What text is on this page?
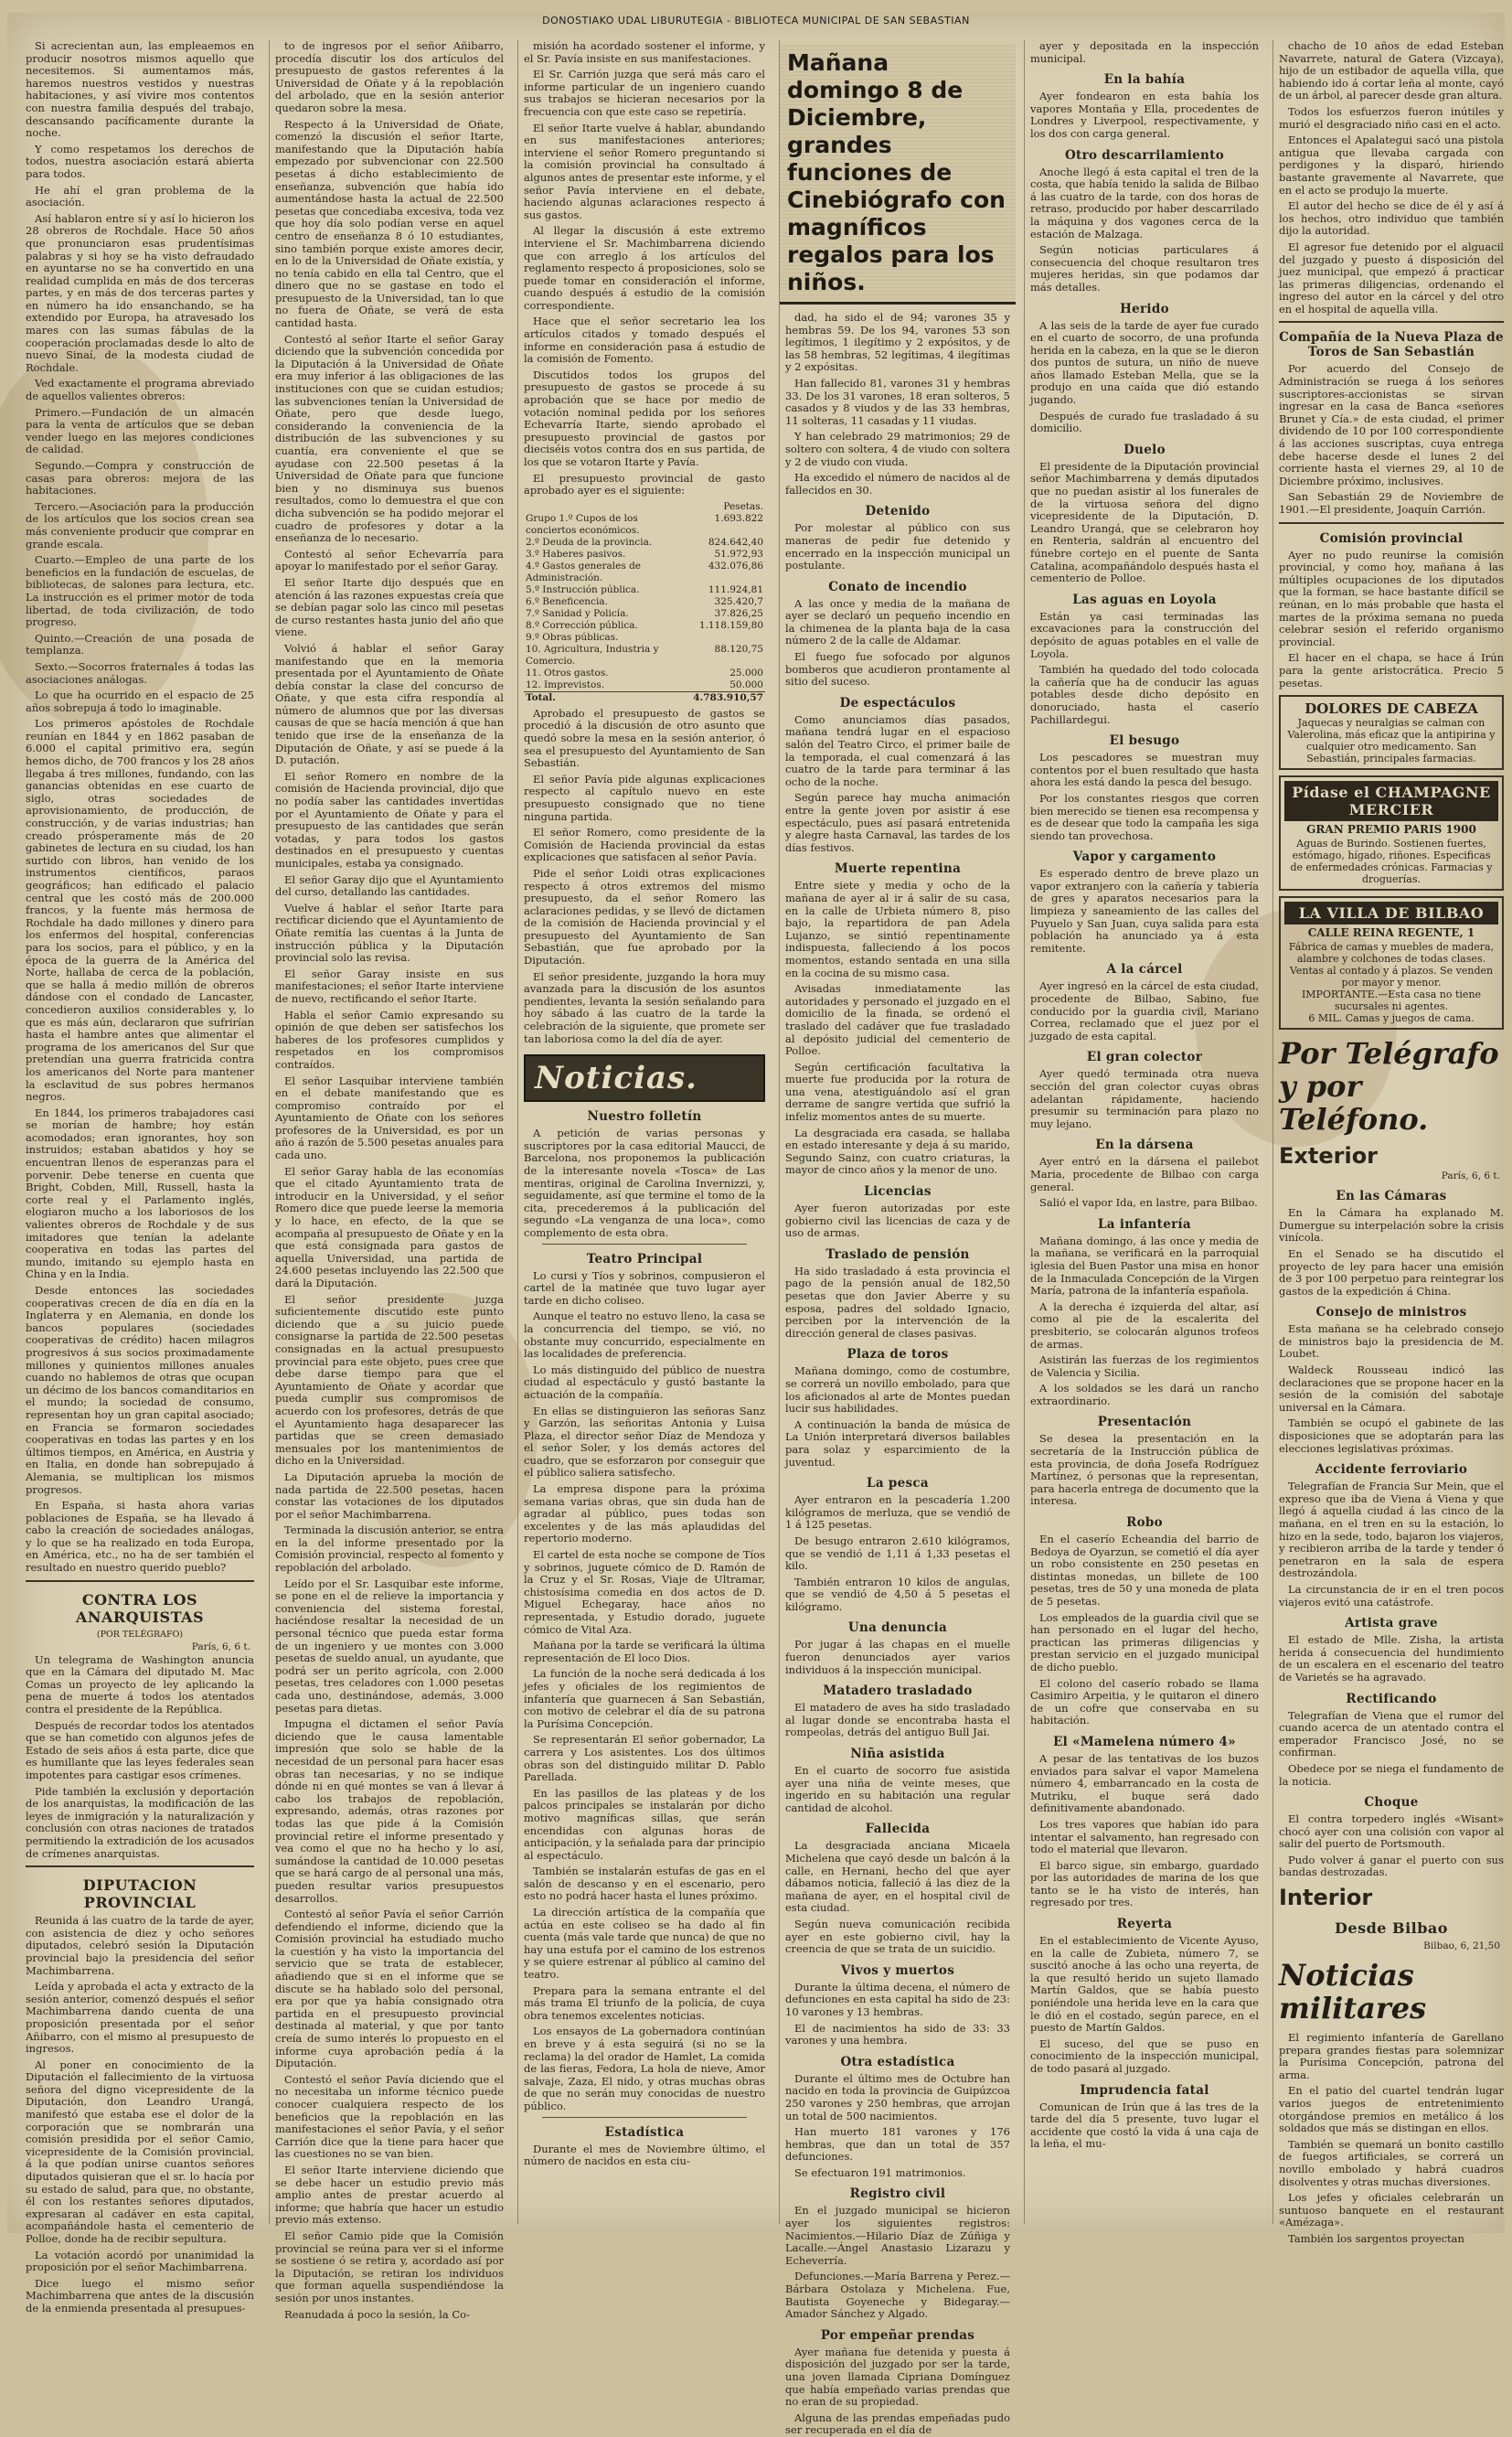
DONOSTIAKO UDAL LIBURUTEGIA - BIBLIOTECA MUNICIPAL DE SAN SEBASTIAN

Si acrecientan aun, las empleaemos en producir nosotros mismos aquello que necesitemos. Si aumentamos más, haremos nuestros vestidos y nuestras habitaciones, y así vivire mos contentos con nuestra familia después del trabajo, descansando pacíficamente durante la noche.

Y como respetamos los derechos de todos, nuestra asociación estará abierta para todos.

He ahí el gran problema de la asociación.

Así hablaron entre sí y así lo hicieron los 28 obreros de Rochdale. Hace 50 años que pronunciaron esas prudentísimas palabras y si hoy se ha visto defraudado en ayuntarse no se ha convertido en una realidad cumplida en más de dos terceras partes, y en más de dos terceras partes y en número ha ido ensanchando, se ha extendido por Europa, ha atravesado los mares con las sumas fábulas de la cooperación proclamadas desde lo alto de nuevo Sinaí, de la modesta ciudad de Rochdale.

Ved exactamente el programa abreviado de aquellos valientes obreros:

Primero.—Fundación de un almacén para la venta de artículos que se deban vender luego en las mejores condiciones de calidad.

Segundo.—Compra y construcción de casas para obreros: mejora de las habitaciones.

Tercero.—Asociación para la producción de los artículos que los socios crean sea más conveniente producir que comprar en grande escala.

Cuarto.—Empleo de una parte de los beneficios en la fundación de escuelas, de bibliotecas, de salones para lectura, etc. La instrucción es el primer motor de toda libertad, de toda civilización, de todo progreso.

Quinto.—Creación de una posada de templanza.

Sexto.—Socorros fraternales á todas las asociaciones análogas.

Lo que ha ocurrido en el espacio de 25 años sobrepuja á todo lo imaginable.

Los primeros apóstoles de Rochdale reunían en 1844 y en 1862 pasaban de 6.000 el capital primitivo era, según hemos dicho, de 700 francos y los 28 años llegaba á tres millones, fundando, con las ganancias obtenidas en ese cuarto de siglo, otras sociedades de aprovisionamiento, de producción, de construcción, y de varias industrias; han creado prósperamente más de 20 gabinetes de lectura en su ciudad, los han surtido con libros, han venido de los instrumentos científicos, paraos geográficos; han edificado el palacio central que les costó más de 200.000 francos, y la fuente más hermosa de Rochdale ha dado millones y dinero para los enfermos del hospital, conferencias para los socios, para el público, y en la época de la guerra de la América del Norte, hallaba de cerca de la población, que se halla á medio millón de obreros dándose con el condado de Lancaster, concedieron auxilios considerables y, lo que es más aún, declararon que sufrirían hasta el hambre antes que alimentar el programa de los americanos del Sur que pretendían una guerra fratricida contra los americanos del Norte para mantener la esclavitud de sus pobres hermanos negros.

En 1844, los primeros trabajadores casi se morían de hambre; hoy están acomodados; eran ignorantes, hoy son instruidos; estaban abatidos y hoy se encuentran llenos de esperanzas para el porvenir. Debe tenerse en cuenta que Bright, Cobden, Mill, Russell, hasta la corte real y el Parlamento inglés, elogiaron mucho a los laboriosos de los valientes obreros de Rochdale y de sus imitadores que tenían la adelante cooperativa en todas las partes del mundo, imitando su ejemplo hasta en China y en la India.

Desde entonces las sociedades cooperativas crecen de día en día en la Inglaterra y en Alemania, en donde los bancos populares (sociedades cooperativas de crédito) hacen milagros progresivos á sus socios proximadamente millones y quinientos millones anuales cuando no hablemos de otras que ocupan un décimo de los bancos comanditarios en el mundo; la sociedad de consumo, representan hoy un gran capital asociado; en Francia se formaron sociedades cooperativas en todas las partes y en los últimos tiempos, en América, en Austria y en Italia, en donde han sobrepujado á Alemania, se multiplican los mismos progresos.

En España, si hasta ahora varias poblaciones de España, se ha llevado á cabo la creación de sociedades análogas, y lo que se ha realizado en toda Europa, en América, etc., no ha de ser también el resultado en nuestro querido pueblo?

CONTRA LOS ANARQUISTAS
(POR TELÉGRAFO)
París, 6, 6 t.

Un telegrama de Washington anuncia que en la Cámara del diputado M. Mac Comas un proyecto de ley aplicando la pena de muerte á todos los atentados contra el presidente de la República.

Después de recordar todos los atentados que se han cometido con algunos jefes de Estado de seis años á esta parte, dice que es humillante que las leyes federales sean impotentes para castigar esos crímenes.

Pide también la exclusión y deportación de los anarquistas, la modificación de las leyes de inmigración y la naturalización y conclusión con otras naciones de tratados permitiendo la extradición de los acusados de crímenes anarquistas.

DIPUTACION PROVINCIAL

Reunida á las cuatro de la tarde de ayer, con asistencia de diez y ocho señores diputados, celebró sesión la Diputación provincial bajo la presidencia del señor Machimbarrena.

Leída y aprobada el acta y extracto de la sesión anterior, comenzó después el señor Machimbarrena dando cuenta de una proposición presentada por el señor Añibarro, con el mismo al presupuesto de ingresos.

Al poner en conocimiento de la Diputación el fallecimiento de la virtuosa señora del digno vicepresidente de la Diputación, don Leandro Urangá, manifestó que estaba ese el dolor de la corporación que se nombrarán una comisión presidida por el señor Camio, vicepresidente de la Comisión provincial, á la que podían unirse cuantos señores diputados quisieran que el sr. lo hacía por su estado de salud, para que, no obstante, él con los restantes señores diputados, expresaran al cadáver en esta capital, acompañándole hasta el cementerio de Polloe, donde ha de recibir sepultura.

La votación acordó por unanimidad la proposición por el señor Machimbarrena.

Dice luego el mismo señor Machimbarrena que antes de la discusión de la enmienda presentada al presupues-

to de ingresos por el señor Añibarro, procedía discutir los dos artículos del presupuesto de gastos referentes á la Universidad de Oñate y á la repoblación del arbolado, que en la sesión anterior quedaron sobre la mesa.

Respecto á la Universidad de Oñate, comenzó la discusión el señor Itarte, manifestando que la Diputación había empezado por subvencionar con 22.500 pesetas á dicho establecimiento de enseñanza, subvención que había ido aumentándose hasta la actual de 22.500 pesetas que concediaba excesiva, toda vez que hoy día solo podían verse en aquel centro de enseñanza 8 ó 10 estudiantes, sino también porque existe amores decir, en lo de la Universidad de Oñate existía, y no tenía cabido en ella tal Centro, que el dinero que no se gastase en todo el presupuesto de la Universidad, tan lo que no fuera de Oñate, se verá de esta cantidad hasta.

Contestó al señor Itarte el señor Garay diciendo que la subvención concedida por la Diputación á la Universidad de Oñate era muy inferior á las obligaciones de las instituciones con que se cuidan estudios; las subvenciones tenían la Universidad de Oñate, pero que desde luego, considerando la conveniencia de la distribución de las subvenciones y su cuantía, era conveniente el que se ayudase con 22.500 pesetas á la Universidad de Oñate para que funcione bien y no disminuya sus buenos resultados, como lo demuestra el que con dicha subvención se ha podido mejorar el cuadro de profesores y dotar a la enseñanza de lo necesario.

Contestó al señor Echevarría para apoyar lo manifestado por el señor Garay.

El señor Itarte dijo después que en atención á las razones expuestas creía que se debían pagar solo las cinco mil pesetas de curso restantes hasta junio del año que viene.

Volvió á hablar el señor Garay manifestando que en la memoria presentada por el Ayuntamiento de Oñate debía constar la clase del concurso de Oñate, y que esta cifra respondía al número de alumnos que por las diversas causas de que se hacía mención á que han tenido que irse de la enseñanza de la Diputación de Oñate, y así se puede á la D. putación.

El señor Romero en nombre de la comisión de Hacienda provincial, dijo que no podía saber las cantidades invertidas por el Ayuntamiento de Oñate y para el presupuesto de las cantidades que serán votadas, y para todos los gastos destinados en el presupuesto y cuentas municipales, estaba ya consignado.

El señor Garay dijo que el Ayuntamiento del curso, detallando las cantidades.

Vuelve á hablar el señor Itarte para rectificar diciendo que el Ayuntamiento de Oñate remitía las cuentas á la Junta de instrucción pública y la Diputación provincial solo las revisa.

El señor Garay insiste en sus manifestaciones; el señor Itarte interviene de nuevo, rectificando el señor Itarte.

Habla el señor Camio expresando su opinión de que deben ser satisfechos los haberes de los profesores cumplidos y respetados en los compromisos contraídos.

El señor Lasquibar interviene también en el debate manifestando que es compromiso contraído por el Ayuntamiento de Oñate con los señores profesores de la Universidad, es por un año á razón de 5.500 pesetas anuales para cada uno.

El señor Garay habla de las economías que el citado Ayuntamiento trata de introducir en la Universidad, y el señor Romero dice que puede leerse la memoria y lo hace, en efecto, de la que se acompaña al presupuesto de Oñate y en la que está consignada para gastos de aquella Universidad, una partida de 24.600 pesetas incluyendo las 22.500 que dará la Diputación.

El señor presidente juzga suficientemente discutido este punto diciendo que a su juicio puede consignarse la partida de 22.500 pesetas consignadas en la actual presupuesto provincial para este objeto, pues cree que debe darse tiempo para que el Ayuntamiento de Oñate y acordar que pueda cumplir sus compromisos de acuerdo con los profesores, detrás de que el Ayuntamiento haga desaparecer las partidas que se creen demasiado mensuales por los mantenimientos de dicho en la Universidad.

La Diputación aprueba la moción de nada partida de 22.500 pesetas, hacen constar las votaciones de los diputados por el señor Machimbarrena.

Terminada la discusión anterior, se entra en la del informe presentado por la Comisión provincial, respecto al fomento y repoblación del arbolado.

Leído por el Sr. Lasquibar este informe, se pone en el de relieve la importancia y conveniencia del sistema forestal, haciéndose resaltar la necesidad de un personal técnico que pueda estar forma de un ingeniero y ue montes con 3.000 pesetas de sueldo anual, un ayudante, que podrá ser un perito agrícola, con 2.000 pesetas, tres celadores con 1.000 pesetas cada uno, destinándose, además, 3.000 pesetas para dietas.

Impugna el dictamen el señor Pavía diciendo que le causa lamentable impresión que solo se hable de la necesidad de un personal para hacer esas obras tan necesarias, y no se indique dónde ni en qué montes se van á llevar á cabo los trabajos de repoblación, expresando, además, otras razones por todas las que pide á la Comisión provincial retire el informe presentado y vea como el que no ha hecho y lo así, sumándose la cantidad de 10.000 pesetas que se hará cargo de al personal una más, pueden resultar varios presupuestos desarrollos.

Contestó al señor Pavía el señor Carrión defendiendo el informe, diciendo que la Comisión provincial ha estudiado mucho la cuestión y ha visto la importancia del servicio que se trata de establecer, añadiendo que si en el informe que se discute se ha hablado solo del personal, era por que ya había consignado otra partida en el presupuesto provincial destinada al material, y que por tanto creía de sumo interés lo propuesto en el informe cuya aprobación pedía á la Diputación.

Contestó el señor Pavía diciendo que el no necesitaba un informe técnico puede conocer cualquiera respecto de los beneficios que la repoblación en las manifestaciones el señor Pavía, y el señor Carrión dice que la tiene para hacer que las cuestiones no se van bien.

El señor Itarte interviene diciendo que se debe hacer un estudio previo más amplio antes de prestar acuerdo al informe; que habría que hacer un estudio previo más extenso.

El señor Camio pide que la Comisión provincial se reúna para ver si el informe se sostiene ó se retira y, acordado así por la Diputación, se retiran los individuos que forman aquella suspendiéndose la sesión por unos instantes.

Reanudada á poco la sesión, la Co-

misión ha acordado sostener el informe, y el Sr. Pavía insiste en sus manifestaciones.

El Sr. Carrión juzga que será más caro el informe particular de un ingeniero cuando sus trabajos se hicieran necesarios por la frecuencia con que este caso se repetiría.

El señor Itarte vuelve á hablar, abundando en sus manifestaciones anteriores; interviene el señor Romero preguntando si la comisión provincial ha consultado á algunos antes de presentar este informe, y el señor Pavía interviene en el debate, haciendo algunas aclaraciones respecto á sus gastos.

Al llegar la discusión á este extremo interviene el Sr. Machimbarrena diciendo que con arreglo á los artículos del reglamento respecto á proposiciones, solo se puede tomar en consideración el informe, cuando después á estudio de la comisión correspondiente.

Hace que el señor secretario lea los artículos citados y tomado después el informe en consideración pasa á estudio de la comisión de Fomento.

Discutidos todos los grupos del presupuesto de gastos se procede á su aprobación que se hace por medio de votación nominal pedida por los señores Echevarría Itarte, siendo aprobado el presupuesto provincial de gastos por dieciséis votos contra dos en sus partida, de los que se votaron Itarte y Pavía.

El presupuesto provincial de gasto aprobado ayer es el siguiente:

	Pesetas.
Grupo 1.º Cupos de los conciertos económicos.	1.693.822
2.º Deuda de la provincia.	824.642,40
3.º Haberes pasivos.	51.972,93
4.º Gastos generales de Administración.	432.076,86
5.º Instrucción pública.	111.924,81
6.º Beneficencia.	325.420,7
7.º Sanidad y Policía.	37.826,25
8.º Corrección pública.	1.118.159,80
9.º Obras públicas.	
10. Agricultura, Industria y Comercio.	88.120,75
11. Otros gastos.	25.000
12. Imprevistos.	50.000
Total.	4.783.910,57

Aprobado el presupuesto de gastos se procedió á la discusión de otro asunto que quedó sobre la mesa en la sesión anterior, ó sea el presupuesto del Ayuntamiento de San Sebastián.

El señor Pavía pide algunas explicaciones respecto al capítulo nuevo en este presupuesto consignado que no tiene ninguna partida.

El señor Romero, como presidente de la Comisión de Hacienda provincial da estas explicaciones que satisfacen al señor Pavía.

Pide el señor Loidi otras explicaciones respecto á otros extremos del mismo presupuesto, da el señor Romero las aclaraciones pedidas, y se llevó de dictamen de la comisión de Hacienda provincial y el presupuesto del Ayuntamiento de San Sebastián, que fue aprobado por la Diputación.

El señor presidente, juzgando la hora muy avanzada para la discusión de los asuntos pendientes, levanta la sesión señalando para hoy sábado á las cuatro de la tarde la celebración de la siguiente, que promete ser tan laboriosa como la del día de ayer.

Noticias.
Nuestro folletín

A petición de varias personas y suscriptores por la casa editorial Maucci, de Barcelona, nos proponemos la publicación de la interesante novela «Tosca» de Las mentiras, original de Carolina Invernizzi, y, seguidamente, así que termine el tomo de la cita, precederemos á la publicación del segundo «La venganza de una loca», como complemento de esta obra.

Teatro Principal

Lo cursi y Tíos y sobrinos, compusieron el cartel de la matinée que tuvo lugar ayer tarde en dicho coliseo.

Aunque el teatro no estuvo lleno, la casa se la concurrencia del tiempo, se vió, no obstante muy concurrido, especialmente en las localidades de preferencia.

Lo más distinguido del público de nuestra ciudad al espectáculo y gustó bastante la actuación de la compañía.

En ellas se distinguieron las señoras Sanz y Garzón, las señoritas Antonia y Luisa Plaza, el director señor Díaz de Mendoza y el señor Soler, y los demás actores del cuadro, que se esforzaron por conseguir que el público saliera satisfecho.

La empresa dispone para la próxima semana varias obras, que sin duda han de agradar al público, pues todas son excelentes y de las más aplaudidas del repertorio moderno.

El cartel de esta noche se compone de Tíos y sobrinos, juguete cómico de D. Ramón de la Cruz y el Sr. Rosas, Viaje de Ultramar, chistosísima comedia en dos actos de D. Miguel Echegaray, hace años no representada, y Estudio dorado, juguete cómico de Vital Aza.

Mañana por la tarde se verificará la última representación de El loco Dios.

La función de la noche será dedicada á los jefes y oficiales de los regimientos de infantería que guarnecen á San Sebastián, con motivo de celebrar el día de su patrona la Purísima Concepción.

Se representarán El señor gobernador, La carrera y Los asistentes. Los dos últimos obras son del distinguido militar D. Pablo Parellada.

En las pasillos de las plateas y de los palcos principales se instalarán por dicho motivo magníficas sillas, que serán encendidas con algunas horas de anticipación, y la señalada para dar principio al espectáculo.

También se instalarán estufas de gas en el salón de descanso y en el escenario, pero esto no podrá hacer hasta el lunes próximo.

La dirección artística de la compañía que actúa en este coliseo se ha dado al fin cuenta (más vale tarde que nunca) de que no hay una estufa por el camino de los estrenos y se quiere estrenar al público al camino del teatro.

Prepara para la semana entrante el del más trama El triunfo de la policía, de cuya obra tenemos excelentes noticias.

Los ensayos de La gobernadora continúan en breve y á esta seguirá (si no se la reclama) la del orador de Hamlet, La comida de las fieras, Fedora, La hola de nieve, Amor salvaje, Zaza, El nido, y otras muchas obras de que no serán muy conocidas de nuestro público.

Estadística

Durante el mes de Noviembre último, el número de nacidos en esta ciu-

Mañana domingo 8 de Diciembre, grandes funciones de Cinebiógrafo con magníficos regalos para los niños.

dad, ha sido el de 94; varones 35 y hembras 59. De los 94, varones 53 son legítimos, 1 ilegítimo y 2 expósitos, y de las 58 hembras, 52 legítimas, 4 ilegítimas y 2 expósitas.

Han fallecido 81, varones 31 y hembras 33. De los 31 varones, 18 eran solteros, 5 casados y 8 viudos y de las 33 hembras, 11 solteras, 11 casadas y 11 viudas.

Y han celebrado 29 matrimonios; 29 de soltero con soltera, 4 de viudo con soltera y 2 de viudo con viuda.

Ha excedido el número de nacidos al de fallecidos en 30.

Detenido

Por molestar al público con sus maneras de pedir fue detenido y encerrado en la inspección municipal un postulante.

Conato de incendio

A las once y media de la mañana de ayer se declaró un pequeño incendio en la chimenea de la planta baja de la casa número 2 de la calle de Aldamar.

El fuego fue sofocado por algunos bomberos que acudieron prontamente al sitio del suceso.

De espectáculos

Como anunciamos días pasados, mañana tendrá lugar en el espacioso salón del Teatro Circo, el primer baile de la temporada, el cual comenzará á las cuatro de la tarde para terminar á las ocho de la noche.

Según parece hay mucha animación entre la gente joven por asistir á ese espectáculo, pues así pasará entretenida y alegre hasta Carnaval, las tardes de los días festivos.

Muerte repentina

Entre siete y media y ocho de la mañana de ayer al ir á salir de su casa, en la calle de Urbieta número 8, piso bajo, la repartidora de pan Adela Lujanzo, se sintió repentinamente indispuesta, falleciendo á los pocos momentos, estando sentada en una silla en la cocina de su mismo casa.

Avisadas inmediatamente las autoridades y personado el juzgado en el domicilio de la finada, se ordenó el traslado del cadáver que fue trasladado al depósito judicial del cementerio de Polloe.

Según certificación facultativa la muerte fue producida por la rotura de una vena, atestiguándolo así el gran derrame de sangre vertida que sufrió la infeliz momentos antes de su muerte.

La desgraciada era casada, se hallaba en estado interesante y deja á su marido, Segundo Sainz, con cuatro criaturas, la mayor de cinco años y la menor de uno.

Licencias

Ayer fueron autorizadas por este gobierno civil las licencias de caza y de uso de armas.

Traslado de pensión

Ha sido trasladado á esta provincia el pago de la pensión anual de 182,50 pesetas que don Javier Aberre y su esposa, padres del soldado Ignacio, perciben por la intervención de la dirección general de clases pasivas.

Plaza de toros

Mañana domingo, como de costumbre, se correrá un novillo embolado, para que los aficionados al arte de Montes puedan lucir sus habilidades.

A continuación la banda de música de La Unión interpretará diversos bailables para solaz y esparcimiento de la juventud.

La pesca

Ayer entraron en la pescadería 1.200 kilógramos de merluza, que se vendió de 1 á 125 pesetas.

De besugo entraron 2.610 kilógramos, que se vendió de 1,11 á 1,33 pesetas el kilo.

También entraron 10 kilos de angulas, que se vendió de 4,50 á 5 pesetas el kilógramo.

Una denuncia

Por jugar á las chapas en el muelle fueron denunciados ayer varios individuos á la inspección municipal.

Matadero trasladado

El matadero de aves ha sido trasladado al lugar donde se encontraba hasta el rompeolas, detrás del antiguo Bull Jai.

Niña asistida

En el cuarto de socorro fue asistida ayer una niña de veinte meses, que ingerido en su habitación una regular cantidad de alcohol.

Fallecida

La desgraciada anciana Micaela Michelena que cayó desde un balcón á la calle, en Hernani, hecho del que ayer dábamos noticia, falleció á las diez de la mañana de ayer, en el hospital civil de esta ciudad.

Según nueva comunicación recibida ayer en este gobierno civil, hay la creencia de que se trata de un suicidio.

Vivos y muertos

Durante la última decena, el número de defunciones en esta capital ha sido de 23: 10 varones y 13 hembras.

El de nacimientos ha sido de 33: 33 varones y una hembra.

Otra estadística

Durante el último mes de Octubre han nacido en toda la provincia de Guipúzcoa 250 varones y 250 hembras, que arrojan un total de 500 nacimientos.

Han muerto 181 varones y 176 hembras, que dan un total de 357 defunciones.

Se efectuaron 191 matrimonios.

Registro civil

En el juzgado municipal se hicieron ayer los siguientes registros: Nacimientos.—Hilario Díaz de Zúñiga y Lacalle.—Ángel Anastasio Lizarazu y Echeverría.

Defunciones.—María Barrena y Perez.—Bárbara Ostolaza y Michelena. Fue, Bautista Goyeneche y Bidegaray.—Amador Sánchez y Algado.

Por empeñar prendas

Ayer mañana fue detenida y puesta á disposición del juzgado por ser la tarde, una joven llamada Cipriana Domínguez que había empeñado varias prendas que no eran de su propiedad.

Alguna de las prendas empeñadas pudo ser recuperada en el día de

ayer y depositada en la inspección municipal.

En la bahía

Ayer fondearon en esta bahía los vapores Montaña y Ella, procedentes de Londres y Liverpool, respectivamente, y los dos con carga general.

Otro descarrilamiento

Anoche llegó á esta capital el tren de la costa, que había tenido la salida de Bilbao á las cuatro de la tarde, con dos horas de retraso, producido por haber descarrilado la máquina y dos vagones cerca de la estación de Malzaga.

Según noticias particulares á consecuencia del choque resultaron tres mujeres heridas, sin que podamos dar más detalles.

Herido

A las seis de la tarde de ayer fue curado en el cuarto de socorro, de una profunda herida en la cabeza, en la que se le dieron dos puntos de sutura, un niño de nueve años llamado Esteban Mella, que se la produjo en una caída que dió estando jugando.

Después de curado fue trasladado á su domicilio.

Duelo

El presidente de la Diputación provincial señor Machimbarrena y demás diputados que no puedan asistir al los funerales de de la virtuosa señora del digno vicepresidente de la Diputación, D. Leandro Urangá, que se celebraron hoy en Renteria, saldrán al encuentro del fúnebre cortejo en el puente de Santa Catalina, acompañándolo después hasta el cementerio de Polloe.

Las aguas en Loyola

Están ya casi terminadas las excavaciones para la construcción del depósito de aguas potables en el valle de Loyola.

También ha quedado del todo colocada la cañería que ha de conducir las aguas potables desde dicho depósito en donoruciado, hasta el caserío Pachillardegui.

El besugo

Los pescadores se muestran muy contentos por el buen resultado que hasta ahora les está dando la pesca del besugo.

Por los constantes riesgos que corren bien merecido se tienen esa recompensa y es de desear que todo la campaña les siga siendo tan provechosa.

Vapor y cargamento

Es esperado dentro de breve plazo un vapor extranjero con la cañería y tabiería de gres y aparatos necesarios para la limpieza y saneamiento de las calles del Puyuelo y San Juan, cuya salida para esta población ha anunciado ya á esta remitente.

A la cárcel

Ayer ingresó en la cárcel de esta ciudad, procedente de Bilbao, Sabino, fue conducido por la guardia civil, Mariano Correa, reclamado que el juez por el juzgado de esta capital.

El gran colector

Ayer quedó terminada otra nueva sección del gran colector cuyas obras adelantan rápidamente, haciendo presumir su terminación para plazo no muy lejano.

En la dársena

Ayer entró en la dársena el pailebot Maria, procedente de Bilbao con carga general.

Salió el vapor Ida, en lastre, para Bilbao.

La infantería

Mañana domingo, á las once y media de la mañana, se verificará en la parroquial iglesia del Buen Pastor una misa en honor de la Inmaculada Concepción de la Virgen María, patrona de la infantería española.

A la derecha é izquierda del altar, así como al pie de la escalerita del presbiterio, se colocarán algunos trofeos de armas.

Asistirán las fuerzas de los regimientos de Valencia y Sicilia.

A los soldados se les dará un rancho extraordinario.

Presentación

Se desea la presentación en la secretaría de la Instrucción pública de esta provincia, de doña Josefa Rodríguez Martínez, ó personas que la representan, para hacerla entrega de documento que la interesa.

Robo

En el caserío Echeandia del barrio de Bedoya de Oyarzun, se cometió el día ayer un robo consistente en 250 pesetas en distintas monedas, un billete de 100 pesetas, tres de 50 y una moneda de plata de 5 pesetas.

Los empleados de la guardia civil que se han personado en el lugar del hecho, practican las primeras diligencias y prestan servicio en el juzgado municipal de dicho pueblo.

El colono del caserío robado se llama Casimiro Arpeitia, y le quitaron el dinero de un cofre que conservaba en su habitación.

El «Mamelena número 4»

A pesar de las tentativas de los buzos enviados para salvar el vapor Mamelena número 4, embarrancado en la costa de Mutriku, el buque será dado definitivamente abandonado.

Los tres vapores que habían ido para intentar el salvamento, han regresado con todo el material que llevaron.

El barco sigue, sin embargo, guardado por las autoridades de marina de los que tanto se le ha visto de interés, han regresado por tres.

Reyerta

En el establecimiento de Vicente Ayuso, en la calle de Zubieta, número 7, se suscitó anoche á las ocho una reyerta, de la que resultó herido un sujeto llamado Martín Galdos, que se había puesto poniéndole una herida leve en la cara que le dió en el costado, según parece, en el puesto de Martín Galdos.

El suceso, del que se puso en conocimiento de la inspección municipal, de todo pasará al juzgado.

Imprudencia fatal

Comunican de Irún que á las tres de la tarde del día 5 presente, tuvo lugar el accidente que costó la vida á una caja de la leña, el mu-

chacho de 10 años de edad Esteban Navarrete, natural de Gatera (Vizcaya), hijo de un estibador de aquella villa, que habiendo ido á cortar leña al monte, cayó de un árbol, al parecer desde gran altura.

Todos los esfuerzos fueron inútiles y murió el desgraciado niño casi en el acto.

Entonces el Apalategui sacó una pistola antigua que llevaba cargada con perdigones y la disparó, hiriendo bastante gravemente al Navarrete, que en el acto se produjo la muerte.

El autor del hecho se dice de él y así á los hechos, otro individuo que también dijo la autoridad.

El agresor fue detenido por el alguacil del juzgado y puesto á disposición del juez municipal, que empezó á practicar las primeras diligencias, ordenando el ingreso del autor en la cárcel y del otro en el hospital de aquella villa.

Compañía de la Nueva Plaza de Toros de San Sebastián

Por acuerdo del Consejo de Administración se ruega á los señores suscriptores-accionistas se sirvan ingresar en la casa de Banca «señores Brunet y Cía.» de esta ciudad, el primer dividendo de 10 por 100 correspondiente á las acciones suscriptas, cuya entrega debe hacerse desde el lunes 2 del corriente hasta el viernes 29, al 10 de Diciembre próximo, inclusives.

San Sebastián 29 de Noviembre de 1901.—El presidente, Joaquín Carrión.

Comisión provincial

Ayer no pudo reunirse la comisión provincial, y como hoy, mañana á las múltiples ocupaciones de los diputados que la forman, se hace bastante difícil se reúnan, en lo más probable que hasta el martes de la próxima semana no pueda celebrar sesión el referido organismo provincial.

El hacer en el chapa, se hace á Irún para la gente aristocrática. Precio 5 pesetas.

DOLORES DE CABEZA
Jaquecas y neuralgias se calman con Valerolina, más eficaz que la antipirina y cualquier otro medicamento. San Sebastián, principales farmacias.
Pídase el CHAMPAGNE MERCIER
GRAN PREMIO PARIS 1900
Aguas de Burindo. Sostienen fuertes, estómago, hígado, riñones. Especificas de enfermedades crónicas. Farmacias y droguerías.
LA VILLA DE BILBAO
CALLE REINA REGENTE, 1
Fábrica de camas y muebles de madera, alambre y colchones de todas clases.
Ventas al contado y á plazos. Se venden por mayor y menor.
IMPORTANTE.—Esta casa no tiene sucursales ni agentes.
6 MIL. Camas y juegos de cama.
Por Telégrafo y por Teléfono.
Exterior
París, 6, 6 t.
En las Cámaras

En la Cámara ha explanado M. Dumergue su interpelación sobre la crisis vinícola.

En el Senado se ha discutido el proyecto de ley para hacer una emisión de 3 por 100 perpetuo para reintegrar los gastos de la expedición á China.

Consejo de ministros

Esta mañana se ha celebrado consejo de ministros bajo la presidencia de M. Loubet.

Waldeck Rousseau indicó las declaraciones que se propone hacer en la sesión de la comisión del sabotaje universal en la Cámara.

También se ocupó el gabinete de las disposiciones que se adoptarán para las elecciones legislativas próximas.

Accidente ferroviario

Telegrafían de Francia Sur Mein, que el expreso que iba de Viena á Viena y que llegó á aquella ciudad á las cinco de la mañana, en el tren en su la estación, lo hizo en la sede, todo, bajaron los viajeros, y recibieron arriba de la tarde y tender ó penetraron en la sala de espera destrozándola.

La circunstancia de ir en el tren pocos viajeros evitó una catástrofe.

Artista grave

El estado de Mlle. Zisha, la artista herida á consecuencia del hundimiento de un escalera en el escenario del teatro de Varietés se ha agravado.

Rectificando

Telegrafían de Viena que el rumor del cuando acerca de un atentado contra el emperador Francisco José, no se confirman.

Obedece por se niega el fundamento de la noticia.

Choque

El contra torpedero inglés «Wisant» chocó ayer con una colisión con vapor al salir del puerto de Portsmouth.

Pudo volver á ganar el puerto con sus bandas destrozadas.

Interior
Desde Bilbao
Bilbao, 6, 21,50
Noticias militares

El regimiento infantería de Garellano prepara grandes fiestas para solemnizar la Purísima Concepción, patrona del arma.

En el patio del cuartel tendrán lugar varios juegos de entretenimiento otorgándose premios en metálico á los soldados que más se distingan en ellos.

También se quemará un bonito castillo de fuegos artificiales, se correrá un novillo embolado y habrá cuadros disolventes y otras muchas diversiones.

Los jefes y oficiales celebrarán un suntuoso banquete en el restaurant «Amézaga».

También los sargentos proyectan
